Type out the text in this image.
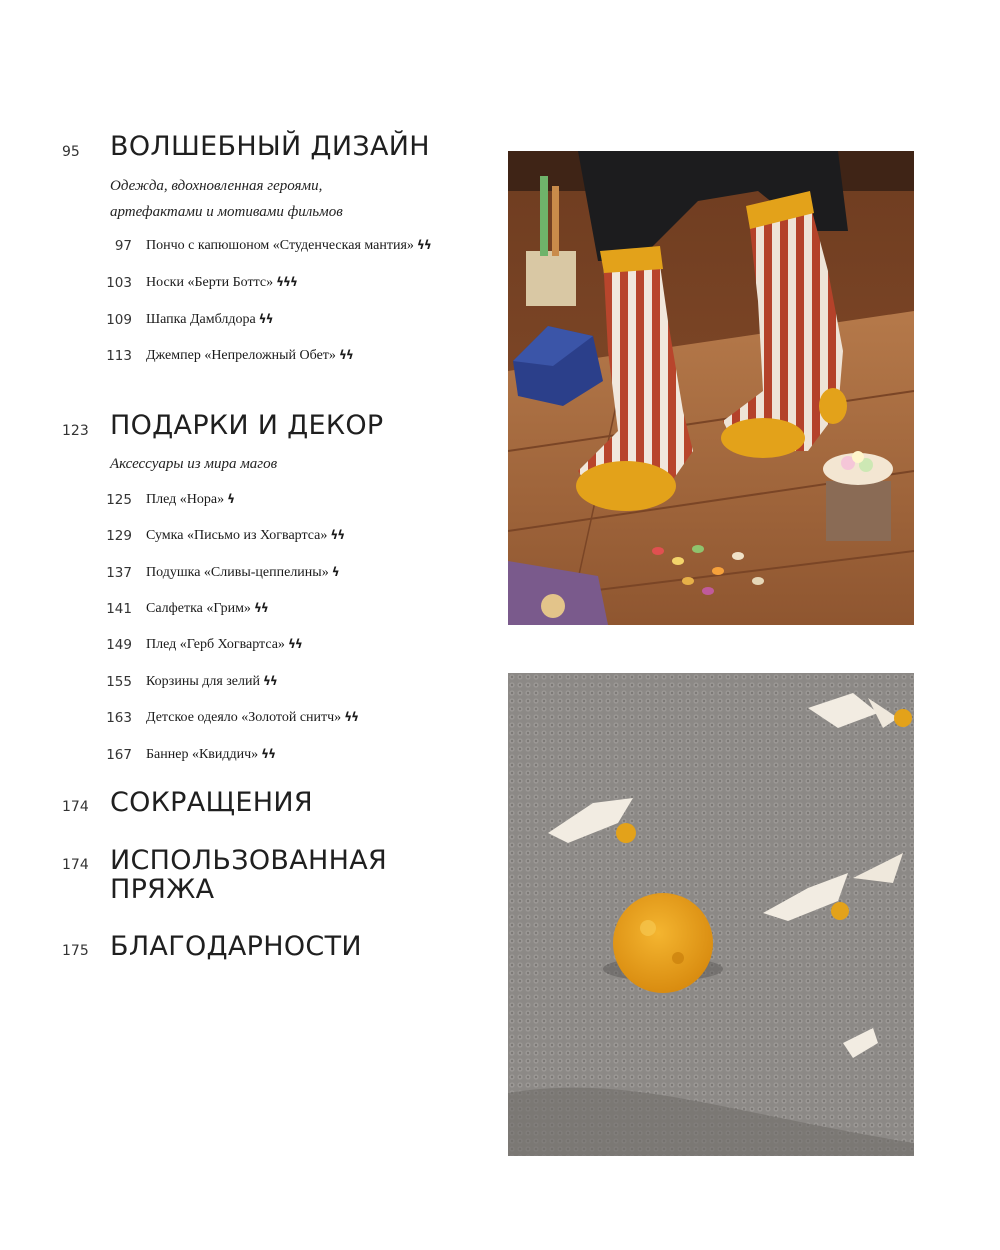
95	ВОЛШЕБНЫЙ ДИЗАЙН
Одежда, вдохновленная героями,
артефактами и мотивами фильмов
97 Пончо с капюшоном «Студенческая мантия» ϟϟ
103 Носки «Берти Боттс» ϟϟϟ
109 Шапка Дамблдора ϟϟ
113 Джемпер «Непреложный Обет» ϟϟ
123 ПОДАРКИ И ДЕКОР
Аксессуары из мира магов
125 Плед «Нора» ϟ
129 Сумка «Письмо из Хогвартса» ϟϟ
137 Подушка «Сливы-цеппелины» ϟ
141 Салфетка «Грим» ϟϟ
149 Плед «Герб Хогвартса» ϟϟ
155 Корзины для зелий ϟϟ
163 Детское одеяло «Золотой снитч» ϟϟ
167 Баннер «Квиддич» ϟϟ
174 СОКРАЩЕНИЯ
174 ИСПОЛЬЗОВАННАЯ
ПРЯЖА
175 БЛАГОДАРНОСТИ
